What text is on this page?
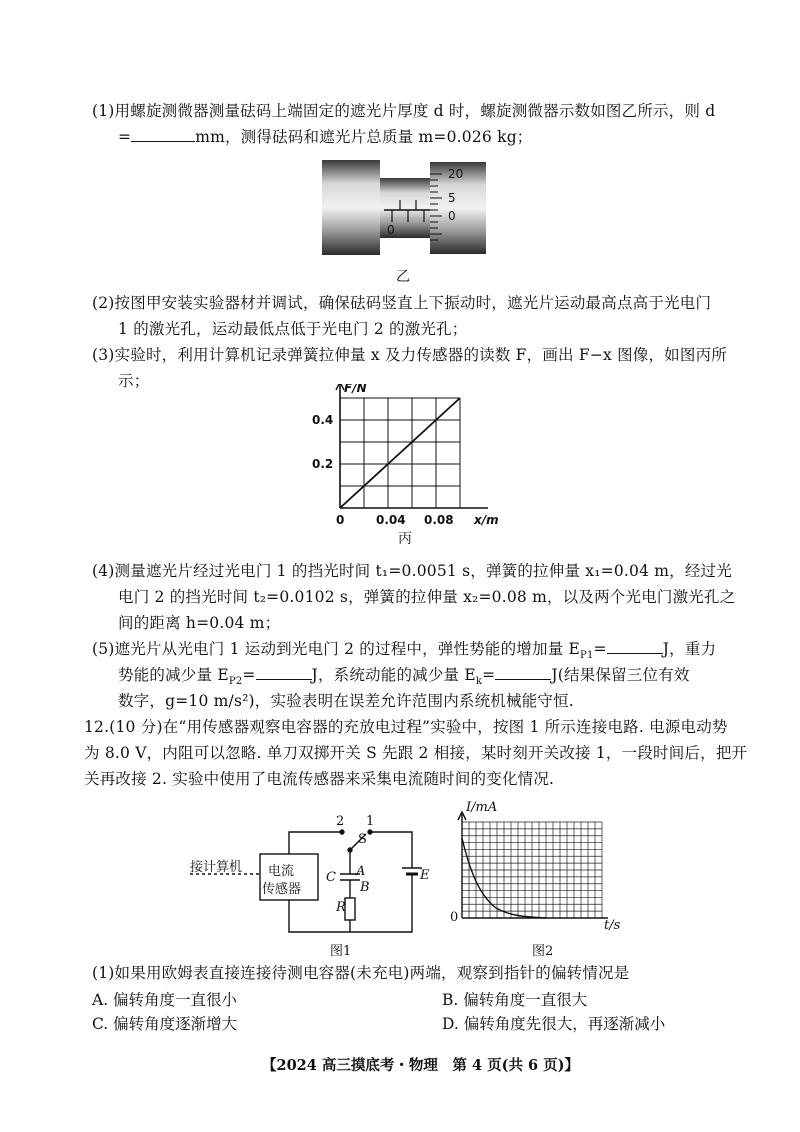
(1)用螺旋测微器测量砝码上端固定的遮光片厚度 d 时，螺旋测微器示数如图乙所示，则 d
=	mm，测得砝码和遮光片总质量 m=0.026 kg；
0
20
5
0
乙
(2)按图甲安装实验器材并调试，确保砝码竖直上下振动时，遮光片运动最高点高于光电门
1 的激光孔，运动最低点低于光电门 2 的激光孔；
(3)实验时，利用计算机记录弹簧拉伸量 x 及力传感器的读数 F，画出 F−x 图像，如图丙所
示；
0	0.04 0.08
0.2
0.4
F/N
x/m
丙
(4)测量遮光片经过光电门 1 的挡光时间 t₁=0.0051 s，弹簧的拉伸量 x₁=0.04 m，经过光
电门 2 的挡光时间 t₂=0.0102 s，弹簧的拉伸量 x₂=0.08 m，以及两个光电门激光孔之
间的距离 h=0.04 m；
(5)遮光片从光电门 1 运动到光电门 2 的过程中，弹性势能的增加量 $E_{P1}=$	J，重力
势能的减少量 $E_{P2}=$	J，系统动能的减少量 $E_k=$	J(结果保留三位有效
数字，g=10 m/s²)，实验表明在误差允许范围内系统机械能守恒.
12.(10 分)在“用传感器观察电容器的充放电过程”实验中，按图 1 所示连接电路. 电源电动势
为 8.0 V，内阻可以忽略. 单刀双掷开关 S 先跟 2 相接，某时刻开关改接 1，一段时间后，把开
关再改接 2. 实验中使用了电流传感器来采集电流随时间的变化情况.
接计算机 电流
传感器
2 1
S
A
C
B
R
E
图1
I/mA
0
t/s
图2
(1)如果用欧姆表直接连接待测电容器(未充电)两端，观察到指针的偏转情况是
A. 偏转角度一直很小	B. 偏转角度一直很大
C. 偏转角度逐渐增大	D. 偏转角度先很大，再逐渐减小
【2024 高三摸底考・物理　第 4 页(共 6 页)】
